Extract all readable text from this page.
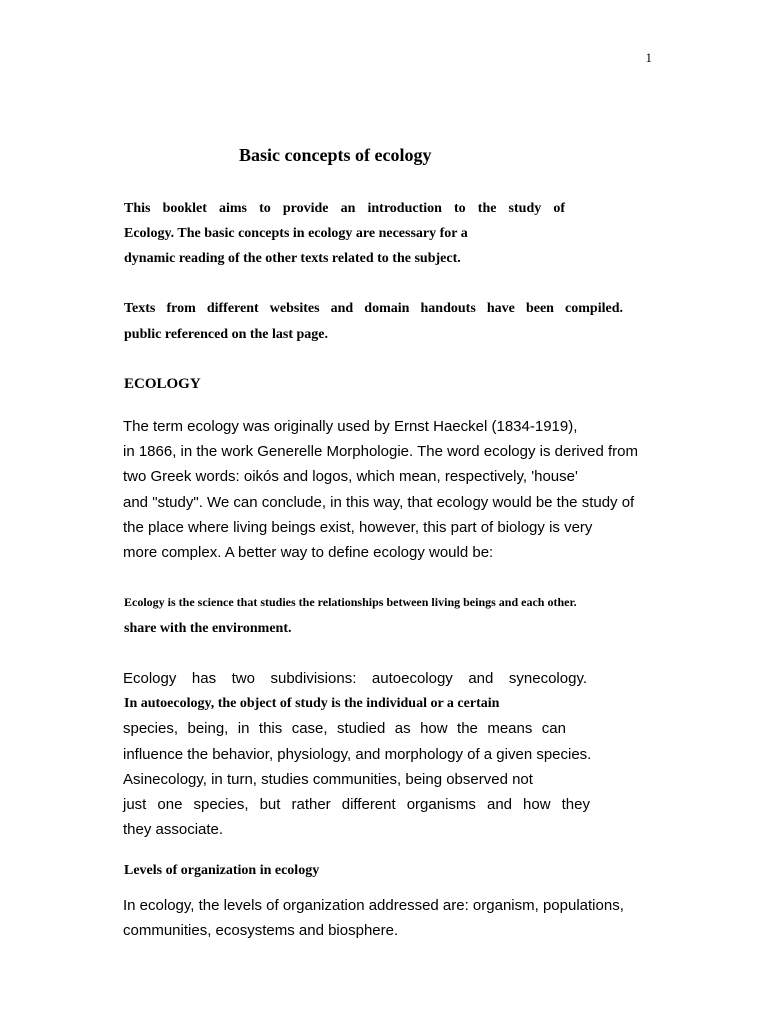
1

Basic concepts of ecology

This booklet aims to provide an introduction to the study of

Ecology. The basic concepts in ecology are necessary for a

dynamic reading of the other texts related to the subject.

Texts from different websites and domain handouts have been compiled.

public referenced on the last page.

ECOLOGY

The term ecology was originally used by Ernst Haeckel (1834-1919),

in 1866, in the work Generelle Morphologie. The word ecology is derived from

two Greek words: oikós and logos, which mean, respectively, 'house'

and "study". We can conclude, in this way, that ecology would be the study of

the place where living beings exist, however, this part of biology is very

more complex. A better way to define ecology would be:

Ecology is the science that studies the relationships between living beings and each other.

share with the environment.

Ecology has two subdivisions: autoecology and synecology.

In autoecology, the object of study is the individual or a certain

species, being, in this case, studied as how the means can

influence the behavior, physiology, and morphology of a given species.

Asinecology, in turn, studies communities, being observed not

just one species, but rather different organisms and how they

they associate.

Levels of organization in ecology

In ecology, the levels of organization addressed are: organism, populations,

communities, ecosystems and biosphere.
